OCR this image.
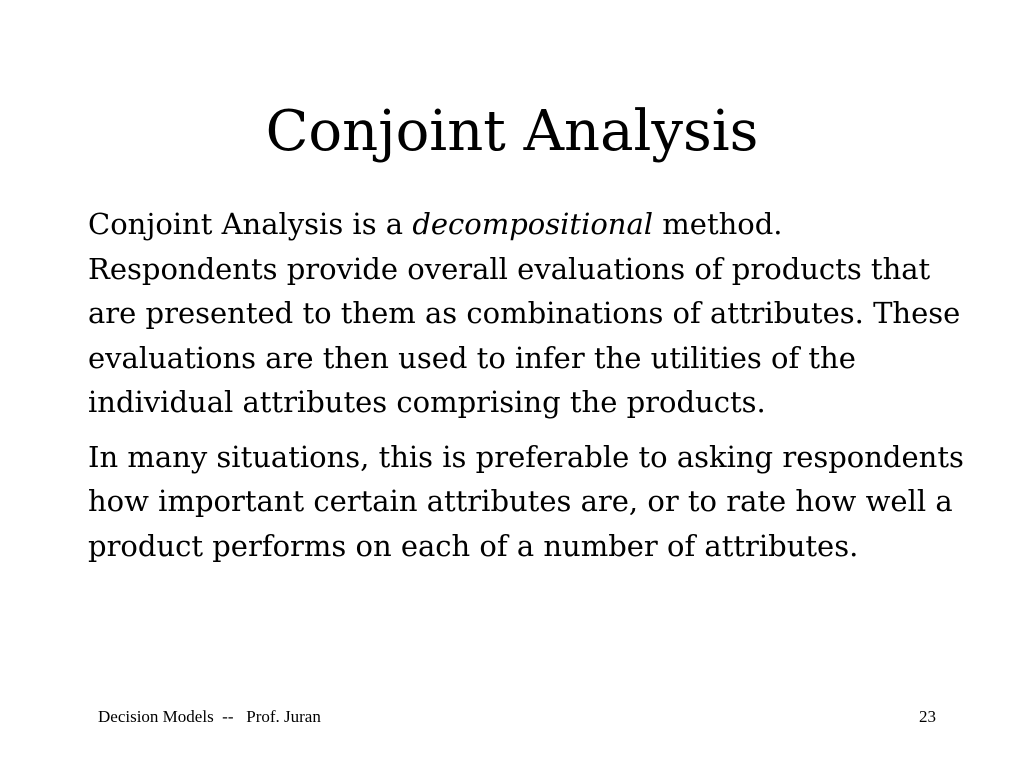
Conjoint Analysis

Conjoint Analysis is a decompositional method. Respondents provide overall evaluations of products that are presented to them as combinations of attributes. These evaluations are then used to infer the utilities of the individual attributes comprising the products.

In many situations, this is preferable to asking respondents how important certain attributes are, or to rate how well a product performs on each of a number of attributes.

Decision Models  --   Prof. Juran	23
